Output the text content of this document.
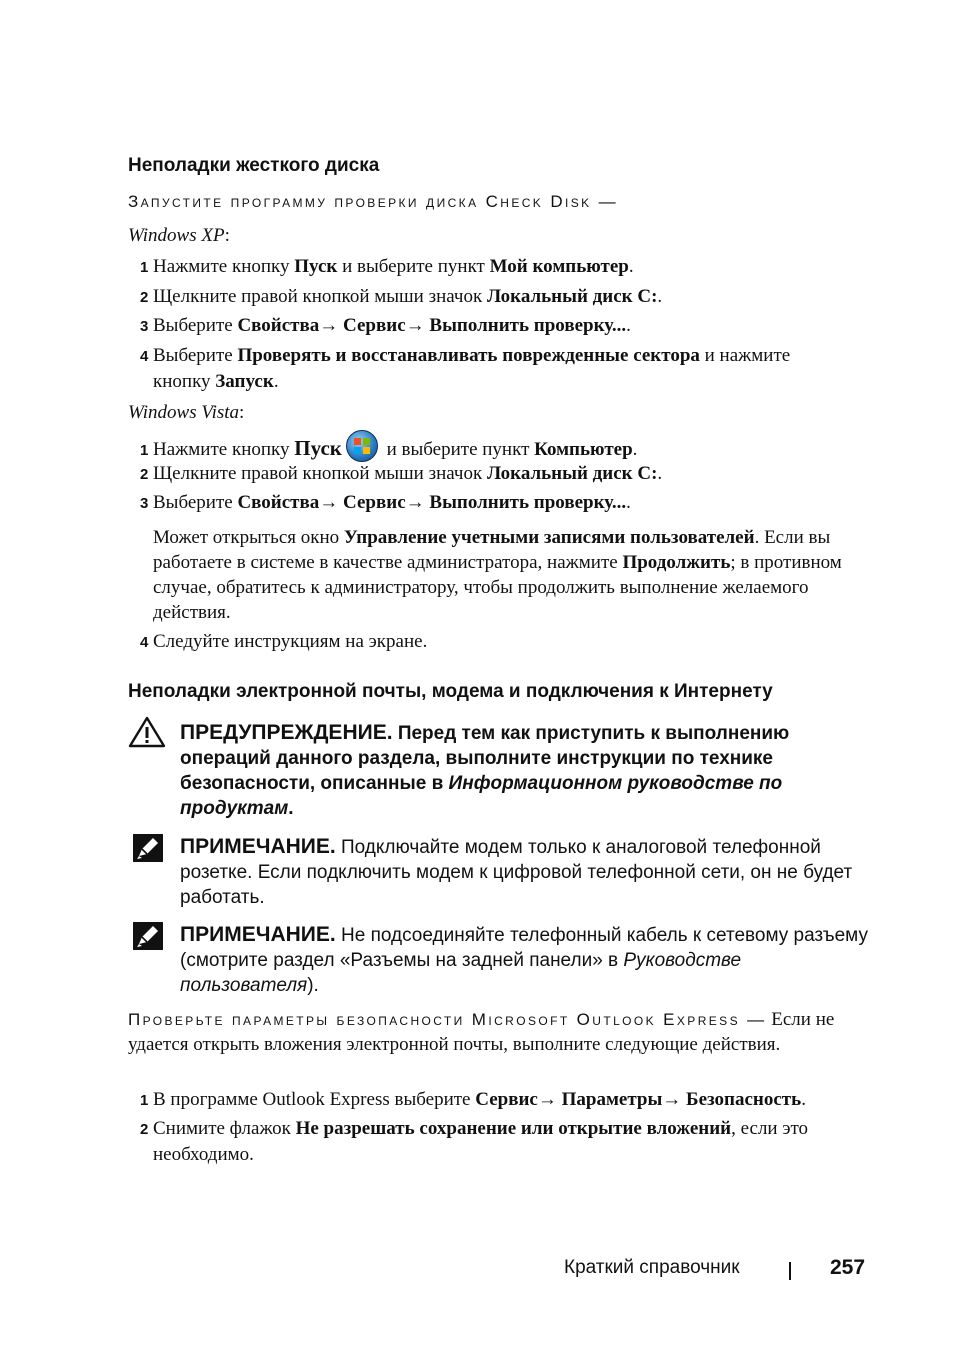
Неполадки жесткого диска
Запустите программу проверки диска Check Disk —
Windows XP:
1 Нажмите кнопку Пуск и выберите пункт Мой компьютер.
2 Щелкните правой кнопкой мыши значок Локальный диск C:.
3 Выберите Свойства→ Сервис→ Выполнить проверку....
4 Выберите Проверять и восстанавливать поврежденные сектора и нажмите
кнопку Запуск.
Windows Vista:
1 Нажмите кнопку Пуск
и выберите пункт Компьютер.
2 Щелкните правой кнопкой мыши значок Локальный диск C:.
3 Выберите Свойства→ Сервис→ Выполнить проверку....
Может открыться окно Управление учетными записями пользователей. Если вы работаете в системе в качестве администратора, нажмите Продолжить; в противном случае, обратитесь к администратору, чтобы продолжить выполнение желаемого действия.
4 Следуйте инструкциям на экране.
Неполадки электронной почты, модема и подключения к Интернету
ПРЕДУПРЕЖДЕНИЕ. Перед тем как приступить к выполнению операций данного раздела, выполните инструкции по технике безопасности, описанные в Информационном руководстве по продуктам.
ПРИМЕЧАНИЕ. Подключайте модем только к аналоговой телефонной розетке. Если подключить модем к цифровой телефонной сети, он не будет работать.
ПРИМЕЧАНИЕ. Не подсоединяйте телефонный кабель к сетевому разъему (смотрите раздел «Разъемы на задней панели» в Руководстве пользователя).
Проверьте параметры безопасности Microsoft Outlook Express — Если не удается открыть вложения электронной почты, выполните следующие действия.
1 В программе Outlook Express выберите Сервис→ Параметры→ Безопасность.
2 Снимите флажок Не разрешать сохранение или открытие вложений, если это
необходимо.
Краткий справочник	257
